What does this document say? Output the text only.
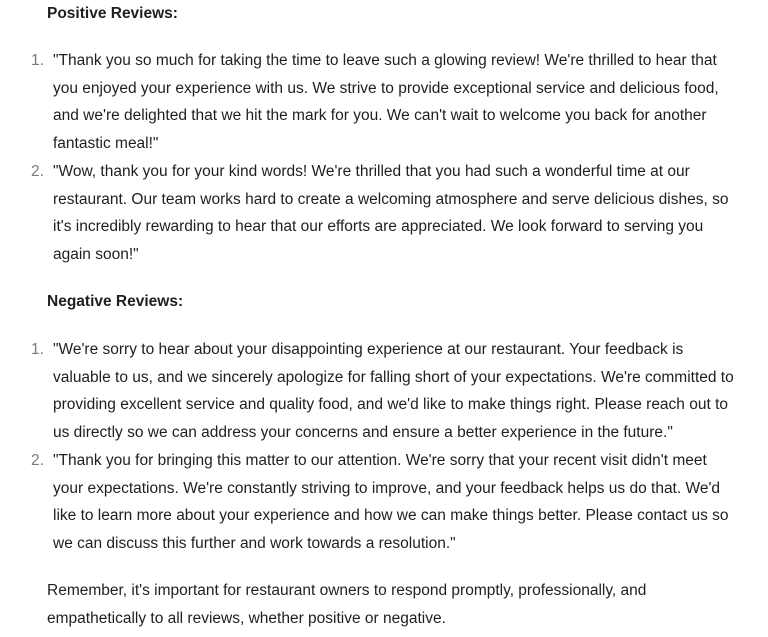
Positive Reviews:
1. "Thank you so much for taking the time to leave such a glowing review! We're thrilled to hear that you enjoyed your experience with us. We strive to provide exceptional service and delicious food, and we're delighted that we hit the mark for you. We can't wait to welcome you back for another fantastic meal!"
2. "Wow, thank you for your kind words! We're thrilled that you had such a wonderful time at our restaurant. Our team works hard to create a welcoming atmosphere and serve delicious dishes, so it's incredibly rewarding to hear that our efforts are appreciated. We look forward to serving you again soon!"
Negative Reviews:
1. "We're sorry to hear about your disappointing experience at our restaurant. Your feedback is valuable to us, and we sincerely apologize for falling short of your expectations. We're committed to providing excellent service and quality food, and we'd like to make things right. Please reach out to us directly so we can address your concerns and ensure a better experience in the future."
2. "Thank you for bringing this matter to our attention. We're sorry that your recent visit didn't meet your expectations. We're constantly striving to improve, and your feedback helps us do that. We'd like to learn more about your experience and how we can make things better. Please contact us so we can discuss this further and work towards a resolution."

Remember, it's important for restaurant owners to respond promptly, professionally, and empathetically to all reviews, whether positive or negative.
